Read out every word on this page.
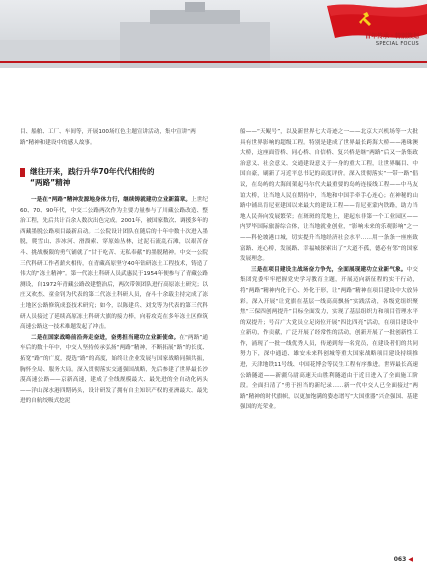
百年传承・特别策划
SPECIAL FOCUS

目、船舶、工厂、车间等，开展100场红色主题宣讲活动，集中宣讲“两路”精神和建设中的感人故事。

继往开来，践行升华70年代代相传的
“两路”精神

一是在“两路”精神发源地身体力行，继续铸就建功立业新篇章。上世纪60、70、90年代，中交二公路两次作为主要力量参与了川藏公路改造、整治工程，先后共计百余人数次出色完成。2001年，被国家数次、调援多年的西藏墨脱公路项目最新启动。二公院设计团队在随后的十年中数十次进入墨脱，爬雪山、涉冰河、滑溜索、穿原始丛林，过泥石流乱石滩，以艰苦奋斗、挑战极限的勇气铺就了“甘于吃苦、无私奉献”的墨脱精神。中交一公院三代科研工作者薪火相传，在青藏高原坚守40年钻研冻土工程技术，铸造了伟大的“冻土精神”。第一代冻土科研人员武惠民于1954年便参与了青藏公路测设，自1972年青藏公路改建整治后，两次带领团队进行高原冻土研究；以庄又欢杰、童金钊为代表的第二代冻土科研人员，奋斗十余载主持完成了冻土地区公路修筑成套技术研究；如今，以陈建兵、刘戈等为代表的第三代科研人员接过了延续高原冻土科研大旗的接力棒，向着攻克在多年冻土区修筑高速公路这一技术难题发起了冲击。

二是在国家战略前沿奔走奋进，奋勇担当建功立业新使命。在“两路”通车后的数十年中，中交人坚持传承弘扬“两路”精神，不断拓展“路”的长度、拓宽“路”的广度，提选“路”的高度，始终让企业发展与国家战略同频共振，胸怀全局、服务大局。深入贯彻落实交通强国战略，先后参建了世界最长沙漠高速公路——京新高速，建成了全线规模最大、最先进的全自动化码头——洋山深水港四期码头，设计研发了拥有自主知识产权的亚洲最大、最先进的自航绞吸式挖泥

船——“天鲲号”，以及新世界七大奇迹之一——北京大兴机场等一大批具有世界影响的超级工程。特别是建成了世界最长跨海大桥——港珠澳大桥，这座面管桥、同心桥、自信桥、复兴桥是继“两路”后又一条集政治意义、社会意义、交通建设意义于一身的重大工程，让世界瞩目、中国自豪，刷新了习近平总书记的高度评价。深入贯彻落实“一带一路”倡议，在岛屿的大海间架起马尔代夫最重要的岛屿连接线工程——中马友谊大桥，让当地人民在期待中，当地和中国手牵手心连心；在神秘的山路中铺出肯尼亚建国以来最大的建设工程——肯尼亚蒙内铁路，助力当地人民奔向发展繁荣；在斑斑的荒地上，建起东非第一个工业园区——内罗毕国际旅游综合体，让当地就业创业，“影响未来的乐观影响”之一——科伦坡港口城，切实提升当地经济社会水平……用一条条一座座致富路、连心桥，发展路、幸福城探索出了“大道不孤，德必有邻”的国家发展理念。

三是在项目建设主战场奋力争先，全面展现建功立业新气象。中交集团党委牢牢把握党史学习教育主题，开展迈向新征程的实干行动，将“两路”精神内化于心、外化于形，让“两路”精神在项目建设中大放异彩。深入开展“让党旗在基层一线高高飘扬”实践活动，各级党组织聚焦“三保四创两提升”目标全面发力，实现了基层组织力和项目管理水平的双提升；号召广大党员立足岗位开展“四比四亮”活动，在项目建设中立新功，作贡献，广泛开展了经常性的活动，创新开展了一批创新性工作，涌现了一批一线优秀人员，传递到每一名党员，在建设者们的共同努力下，深中通道、雄安未来科创城等重大国家战略项目建设持续推进，天津地铁11号线、中国花博会等民生工程有序推进。世界最长高速公路隧道——新疆乌尉高速天山胜利隧道由于近日进入了全面施工阶段。全面扫清了“勇于担当的新纪录……新一代中交人已全面接过“两路”精神的时代旗帜，以更加饱满的姿态谱写“大国重器”兴企强国、基建强国的光荣业。

063 ◀
